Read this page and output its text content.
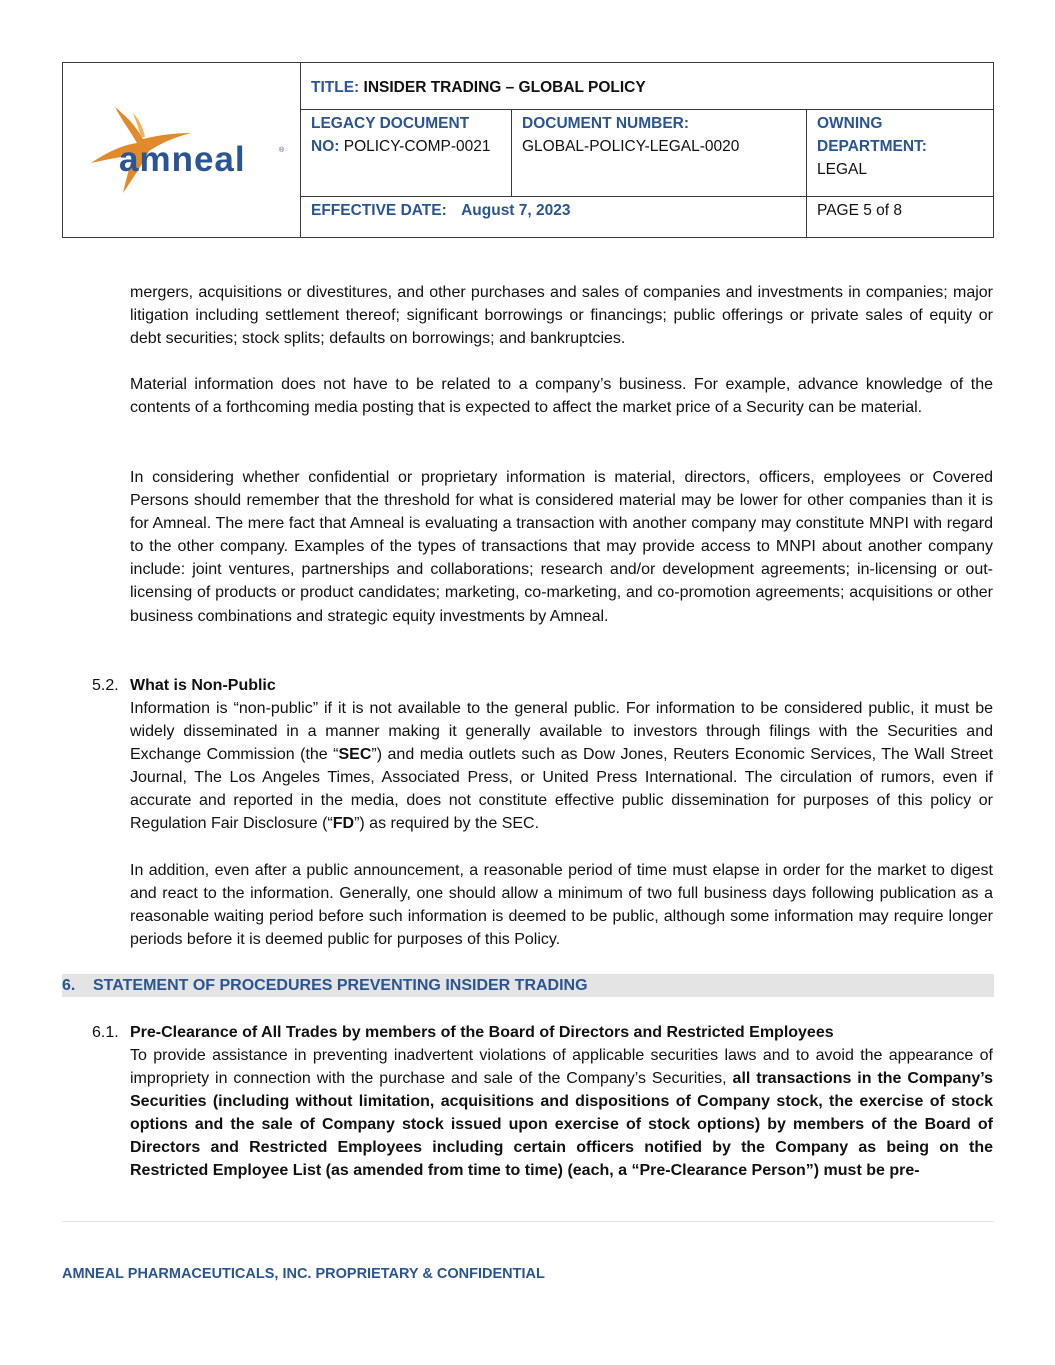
amneal	®
TITLE: INSIDER TRADING – GLOBAL POLICY
LEGACY DOCUMENT
NO: POLICY-COMP-0021
DOCUMENT NUMBER:
GLOBAL-POLICY-LEGAL-0020
OWNING
DEPARTMENT:
LEGAL
EFFECTIVE DATE: August 7, 2023	PAGE 5 of 8

mergers, acquisitions or divestitures, and other purchases and sales of companies and investments in companies; major litigation including settlement thereof; significant borrowings or financings; public offerings or private sales of equity or debt securities; stock splits; defaults on borrowings; and bankruptcies.

Material information does not have to be related to a company’s business. For example, advance knowledge of the contents of a forthcoming media posting that is expected to affect the market price of a Security can be material.

In considering whether confidential or proprietary information is material, directors, officers, employees or Covered Persons should remember that the threshold for what is considered material may be lower for other companies than it is for Amneal. The mere fact that Amneal is evaluating a transaction with another company may constitute MNPI with regard to the other company. Examples of the types of transactions that may provide access to MNPI about another company include: joint ventures, partnerships and collaborations; research and/or development agreements; in-licensing or out-licensing of products or product candidates; marketing, co-marketing, and co-promotion agreements; acquisitions or other business combinations and strategic equity investments by Amneal.

5.2. What is Non-Public

Information is “non-public” if it is not available to the general public. For information to be considered public, it must be widely disseminated in a manner making it generally available to investors through filings with the Securities and Exchange Commission (the “SEC”) and media outlets such as Dow Jones, Reuters Economic Services, The Wall Street Journal, The Los Angeles Times, Associated Press, or United Press International. The circulation of rumors, even if accurate and reported in the media, does not constitute effective public dissemination for purposes of this policy or Regulation Fair Disclosure (“FD”) as required by the SEC.

In addition, even after a public announcement, a reasonable period of time must elapse in order for the market to digest and react to the information. Generally, one should allow a minimum of two full business days following publication as a reasonable waiting period before such information is deemed to be public, although some information may require longer periods before it is deemed public for purposes of this Policy.

6. STATEMENT OF PROCEDURES PREVENTING INSIDER TRADING
6.1. Pre-Clearance of All Trades by members of the Board of Directors and Restricted Employees

To provide assistance in preventing inadvertent violations of applicable securities laws and to avoid the appearance of impropriety in connection with the purchase and sale of the Company’s Securities, all transactions in the Company’s Securities (including without limitation, acquisitions and dispositions of Company stock, the exercise of stock options and the sale of Company stock issued upon exercise of stock options) by members of the Board of Directors and Restricted Employees including certain officers notified by the Company as being on the Restricted Employee List (as amended from time to time) (each, a “Pre-Clearance Person”) must be pre-

AMNEAL PHARMACEUTICALS, INC. PROPRIETARY & CONFIDENTIAL
